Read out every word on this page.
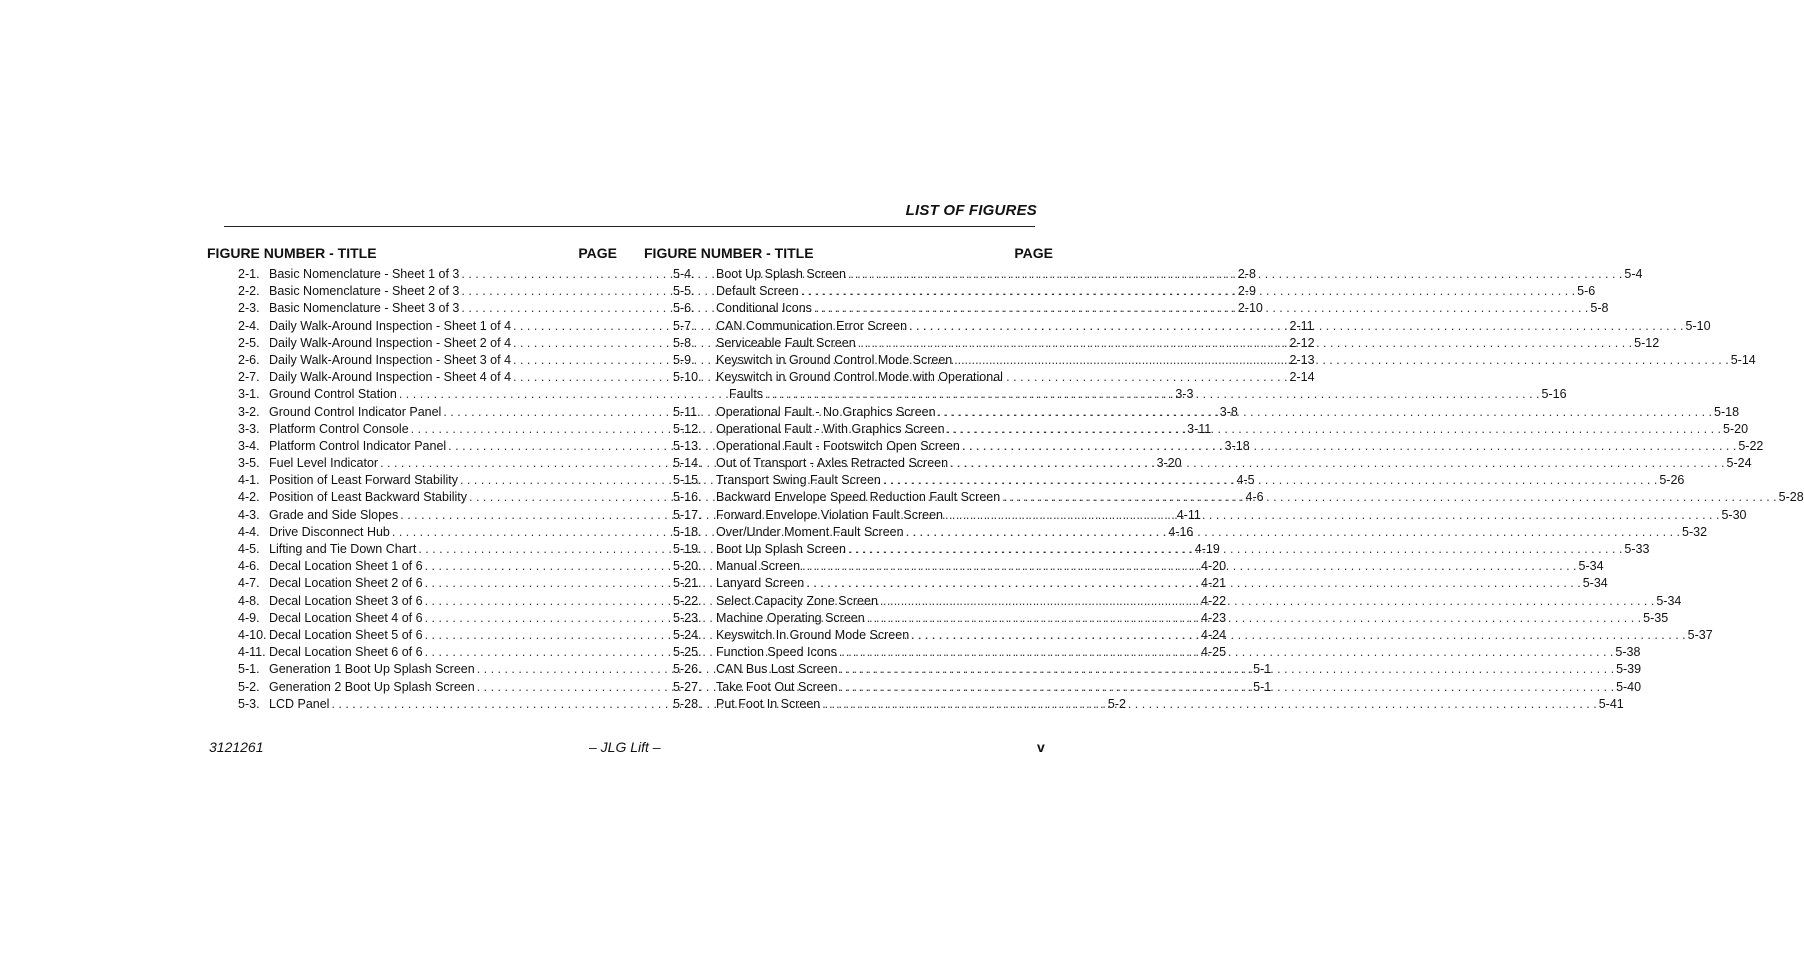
LIST OF FIGURES
FIGURE NUMBER - TITLE	PAGE
2-1. Basic Nomenclature - Sheet 1 of 3 . . .	2-8
2-2. Basic Nomenclature - Sheet 2 of 3 . . .	2-9
2-3. Basic Nomenclature - Sheet 3 of 3 . . .	2-10
2-4. Daily Walk-Around Inspection - Sheet 1 of 4 . . .	2-11
2-5. Daily Walk-Around Inspection - Sheet 2 of 4 . . .	2-12
2-6. Daily Walk-Around Inspection - Sheet 3 of 4 . . .	2-13
2-7. Daily Walk-Around Inspection - Sheet 4 of 4 . . .	2-14
3-1. Ground Control Station . . .	3-3
3-2. Ground Control Indicator Panel . . .	3-8
3-3. Platform Control Console . . .	3-11
3-4. Platform Control Indicator Panel . . .	3-18
3-5. Fuel Level Indicator . . .	3-20
4-1. Position of Least Forward Stability . . .	4-5
4-2. Position of Least Backward Stability . . .	4-6
4-3. Grade and Side Slopes . . .	4-11
4-4. Drive Disconnect Hub . . .	4-16
4-5. Lifting and Tie Down Chart . . .	4-19
4-6. Decal Location Sheet 1 of 6 . . .	4-20
4-7. Decal Location Sheet 2 of 6 . . .	4-21
4-8. Decal Location Sheet 3 of 6 . . .	4-22
4-9. Decal Location Sheet 4 of 6 . . .	4-23
4-10. Decal Location Sheet 5 of 6 . . .	4-24
4-11. Decal Location Sheet 6 of 6 . . .	4-25
5-1. Generation 1 Boot Up Splash Screen . . .	5-1
5-2. Generation 2 Boot Up Splash Screen . . .	5-1
5-3. LCD Panel . . .	5-2
FIGURE NUMBER - TITLE	PAGE
5-4.	Boot Up Splash Screen . . .	5-4
5-5.	Default Screen . . .	5-6
5-6.	Conditional Icons . . .	5-8
5-7.	CAN Communication Error Screen . . .	5-10
5-8.	Serviceable Fault Screen . . .	5-12
5-9.	Keyswitch in Ground Control Mode Screen . . .	5-14
5-10.	Keyswitch in Ground Control Mode with Operational
Faults . . .	5-16
5-11.	Operational Fault - No Graphics Screen . . .	5-18
5-12.	Operational Fault - With Graphics Screen . . .	5-20
5-13.	Operational Fault - Footswitch Open Screen . . .	5-22
5-14.	Out of Transport - Axles Retracted Screen . . .	5-24
5-15.	Transport Swing Fault Screen . . .	5-26
5-16.	Backward Envelope Speed Reduction Fault Screen . . .	5-28
5-17.	Forward Envelope Violation Fault Screen . . .	5-30
5-18.	Over/Under Moment Fault Screen . . .	5-32
5-19.	Boot Up Splash Screen . . .	5-33
5-20.	Manual Screen . . .	5-34
5-21.	Lanyard Screen . . .	5-34
5-22.	Select Capacity Zone Screen . . .	5-34
5-23.	Machine Operating Screen . . .	5-35
5-24.	Keyswitch In Ground Mode Screen . . .	5-37
5-25.	Function Speed Icons . . .	5-38
5-26.	CAN Bus Lost Screen . . .	5-39
5-27.	Take Foot Out Screen . . .	5-40
5-28.	Put Foot In Screen . . .	5-41
3121261	– JLG Lift –	v
